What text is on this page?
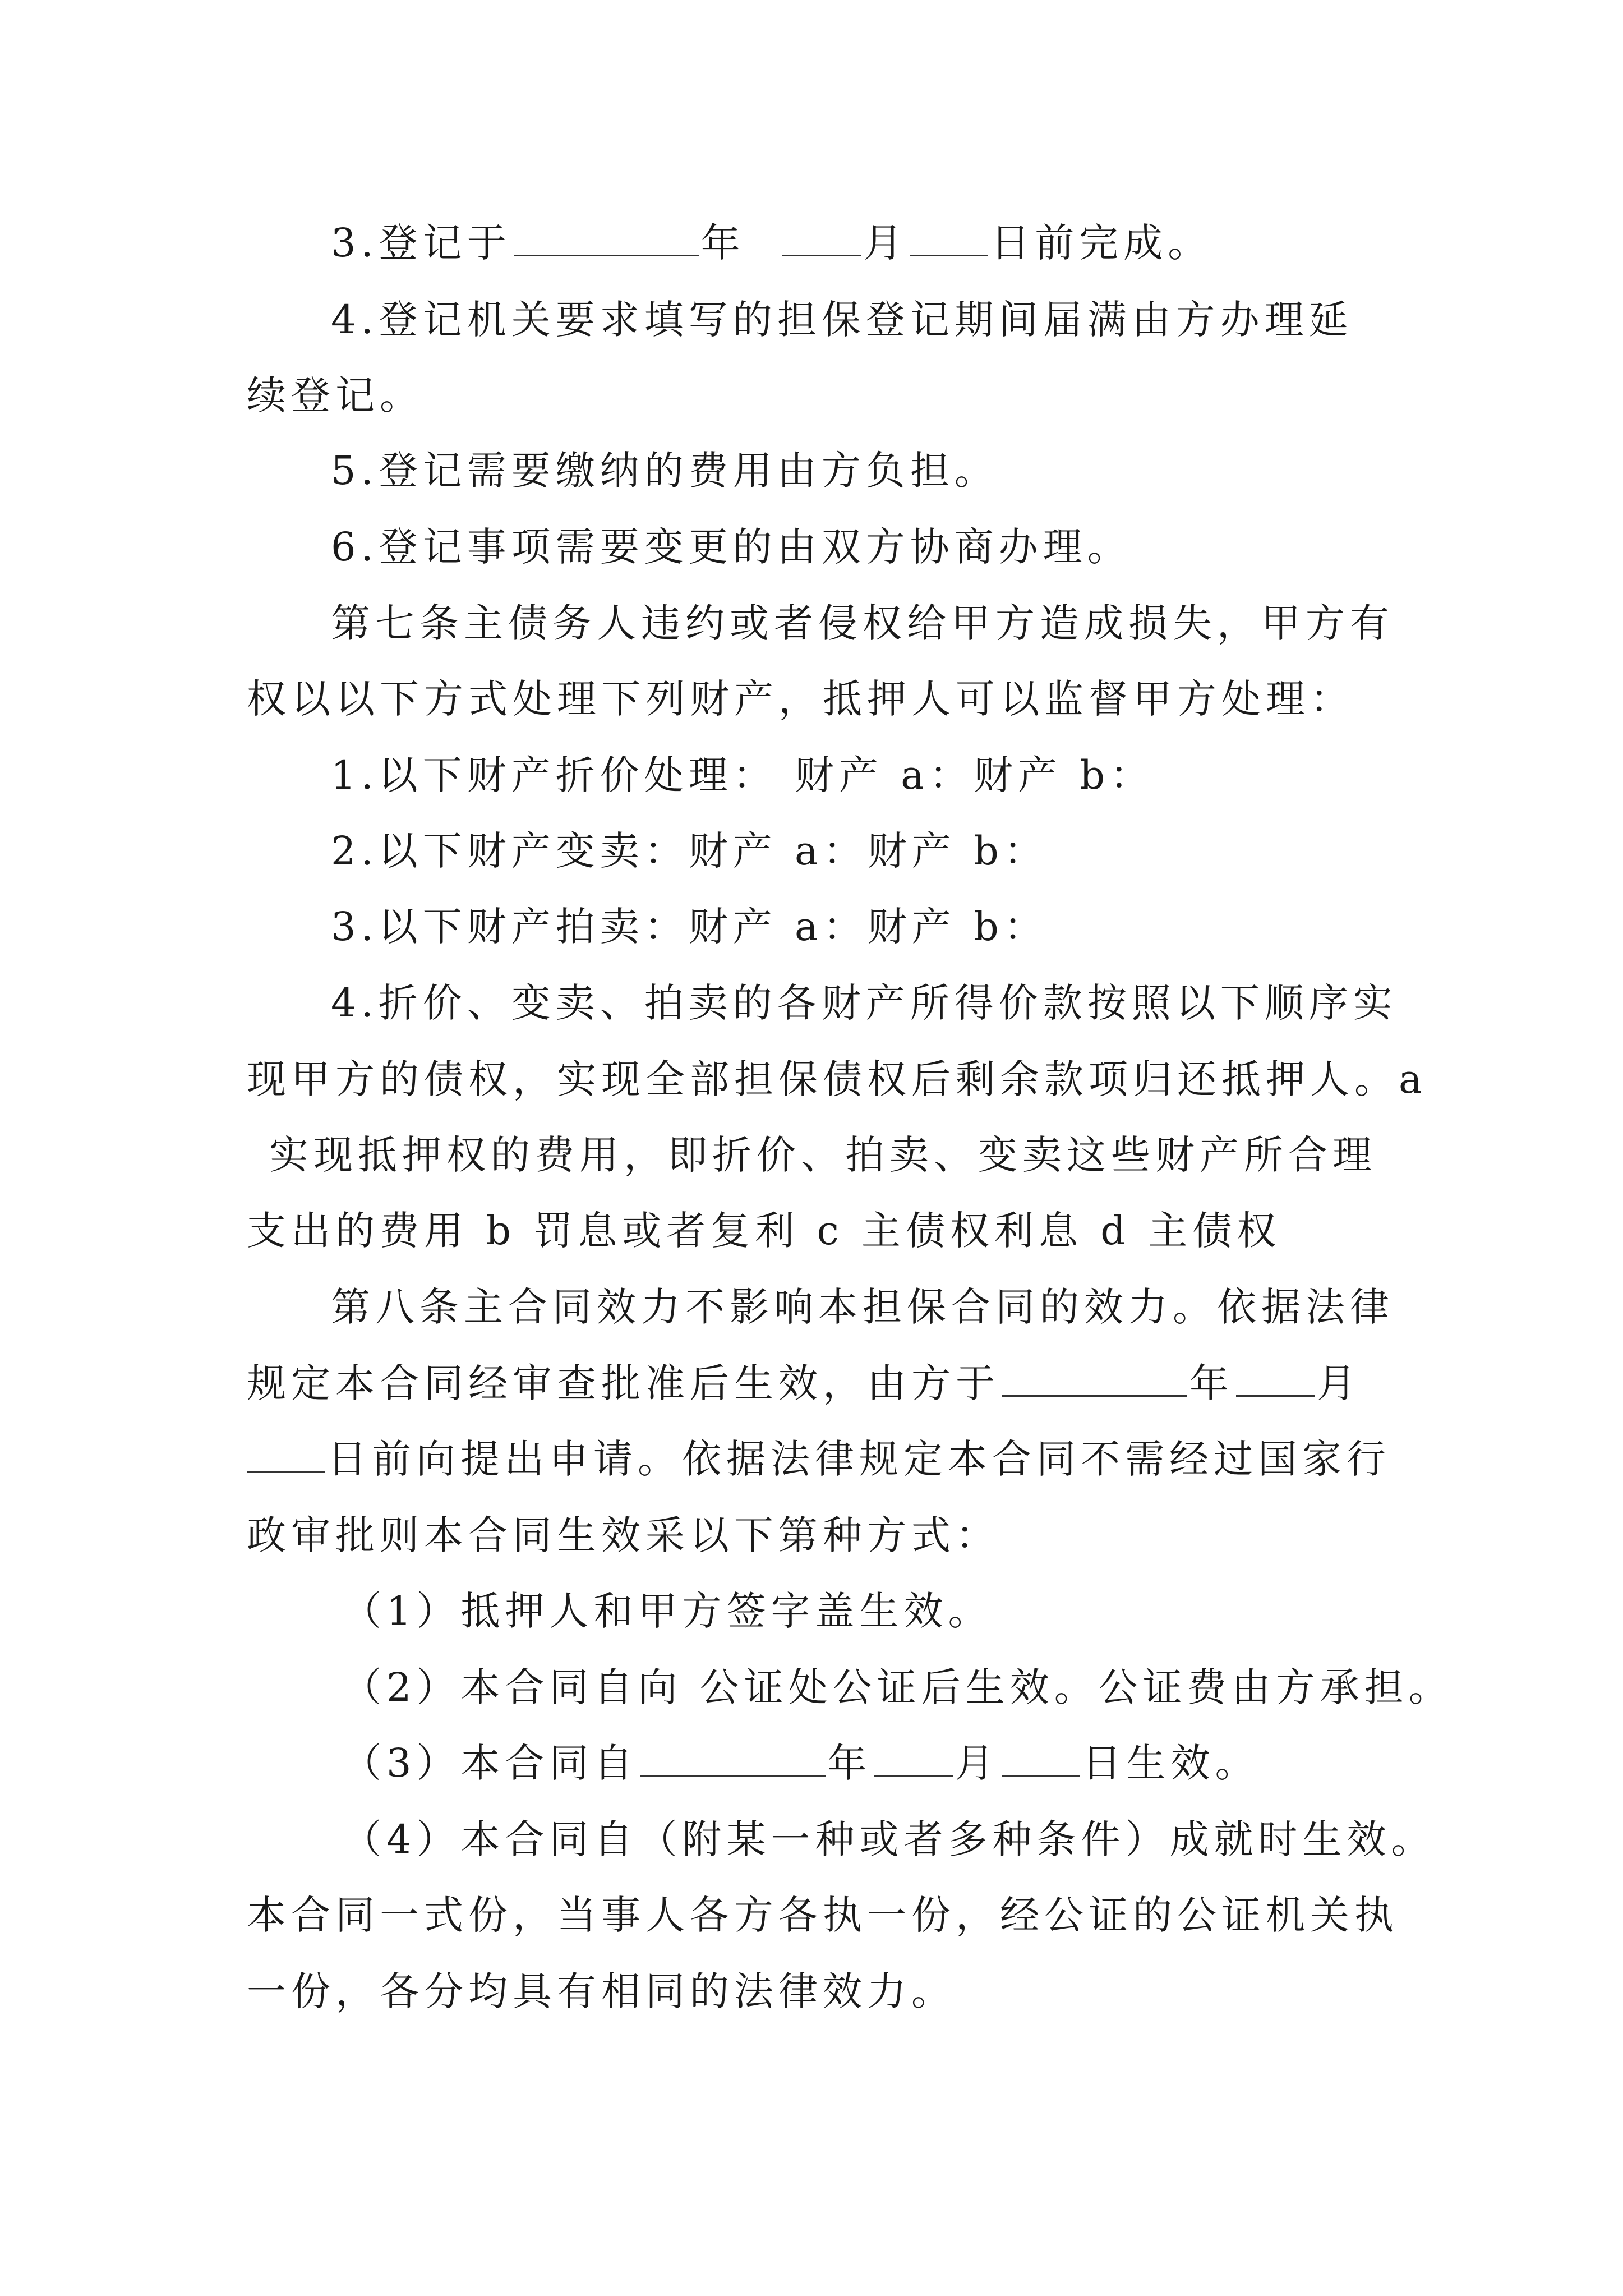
3.登记于	年	月 日前完成。
4.登记机关要求填写的担保登记期间届满由方办理延
续登记。
5.登记需要缴纳的费用由方负担。
6.登记事项需要变更的由双方协商办理。
第七条主债务人违约或者侵权给甲方造成损失，甲方有
权以以下方式处理下列财产，抵押人可以监督甲方处理：
1.以下财产折价处理： 财产 a：财产 b：
2.以下财产变卖：财产 a：财产 b：
3.以下财产拍卖：财产 a：财产 b：
4.折价、变卖、拍卖的各财产所得价款按照以下顺序实
现甲方的债权，实现全部担保债权后剩余款项归还抵押人。a
实现抵押权的费用，即折价、拍卖、变卖这些财产所合理
支出的费用 b 罚息或者复利 c 主债权利息 d 主债权
第八条主合同效力不影响本担保合同的效力。依据法律
规定本合同经审查批准后生效，由方于	年 月
日前向提出申请。依据法律规定本合同不需经过国家行
政审批则本合同生效采以下第种方式：
（1）抵押人和甲方签字盖生效。
（2）本合同自向 公证处公证后生效。公证费由方承担。
（3）本合同自	年 月 日生效。
（4）本合同自（附某一种或者多种条件）成就时生效。
本合同一式份，当事人各方各执一份，经公证的公证机关执
一份，各分均具有相同的法律效力。
